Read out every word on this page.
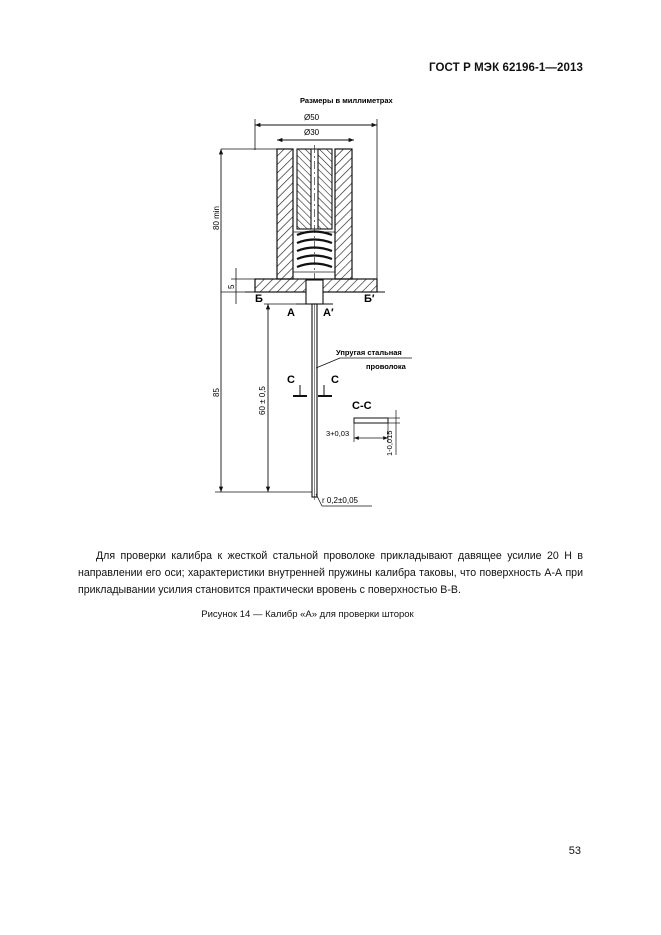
ГОСТ Р МЭК 62196-1—2013
Размеры в миллиметрах
Ø50
Ø30
Б	Б′
A	A′
80 min
85
5
60 ± 0,5
Упругая стальная
проволока
C	C
C-C
3+0,03	1-0,015
r 0,2±0,05

Для проверки калибра к жесткой стальной проволоке прикладывают давящее усилие 20 Н в направлении его оси; характеристики внутренней пружины калибра таковы, что поверхность А-А при прикладывании усилия становится практически вровень с поверхностью В-В.

Рисунок 14 — Калибр «А» для проверки шторок
53
